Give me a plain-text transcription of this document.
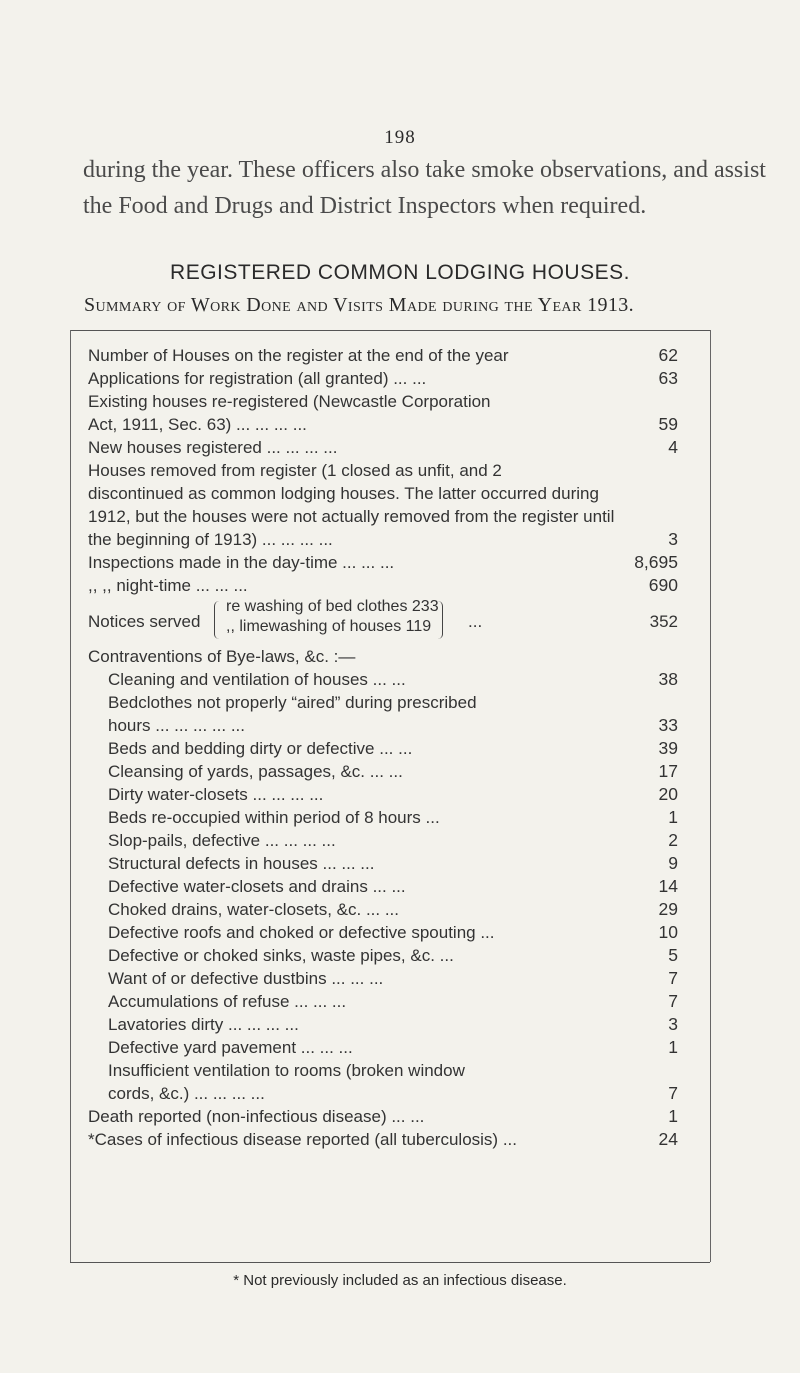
198
during the year. These officers also take smoke observations, and assist the Food and Drugs and District Inspectors when required.
REGISTERED COMMON LODGING HOUSES.
Summary of Work Done and Visits Made during the Year 1913.
Number of Houses on the register at the end of the year	62
Applications for registration (all granted) ... ...	63
Existing houses re-registered (Newcastle Corporation
Act, 1911, Sec. 63) ... ... ... ...	59
New houses registered ... ... ... ...	4
Houses removed from register (1 closed as unfit, and 2
discontinued as common lodging houses. The latter occurred during 1912, but the houses were not actually removed from the register until the beginning of 1913) ... ... ... ...	3
Inspections made in the day-time ... ... ...	8,695
,, ,, night-time ... ... ...	690
Notices served
re washing of bed clothes 233
,, limewashing of houses 119 ...	352
Contraventions of Bye-laws, &c. :—
Cleaning and ventilation of houses ... ...	38
Bedclothes not properly “aired” during prescribed
hours ... ... ... ... ...	33
Beds and bedding dirty or defective ... ...	39
Cleansing of yards, passages, &c. ... ...	17
Dirty water-closets ... ... ... ...	20
Beds re-occupied within period of 8 hours ...	1
Slop-pails, defective ... ... ... ...	2
Structural defects in houses ... ... ...	9
Defective water-closets and drains ... ...	14
Choked drains, water-closets, &c. ... ...	29
Defective roofs and choked or defective spouting ...	10
Defective or choked sinks, waste pipes, &c. ...	5
Want of or defective dustbins ... ... ...	7
Accumulations of refuse ... ... ...	7
Lavatories dirty ... ... ... ...	3
Defective yard pavement ... ... ...	1
Insufficient ventilation to rooms (broken window
cords, &c.) ... ... ... ...	7
Death reported (non-infectious disease) ... ...	1
*Cases of infectious disease reported (all tuberculosis) ...	24
* Not previously included as an infectious disease.
